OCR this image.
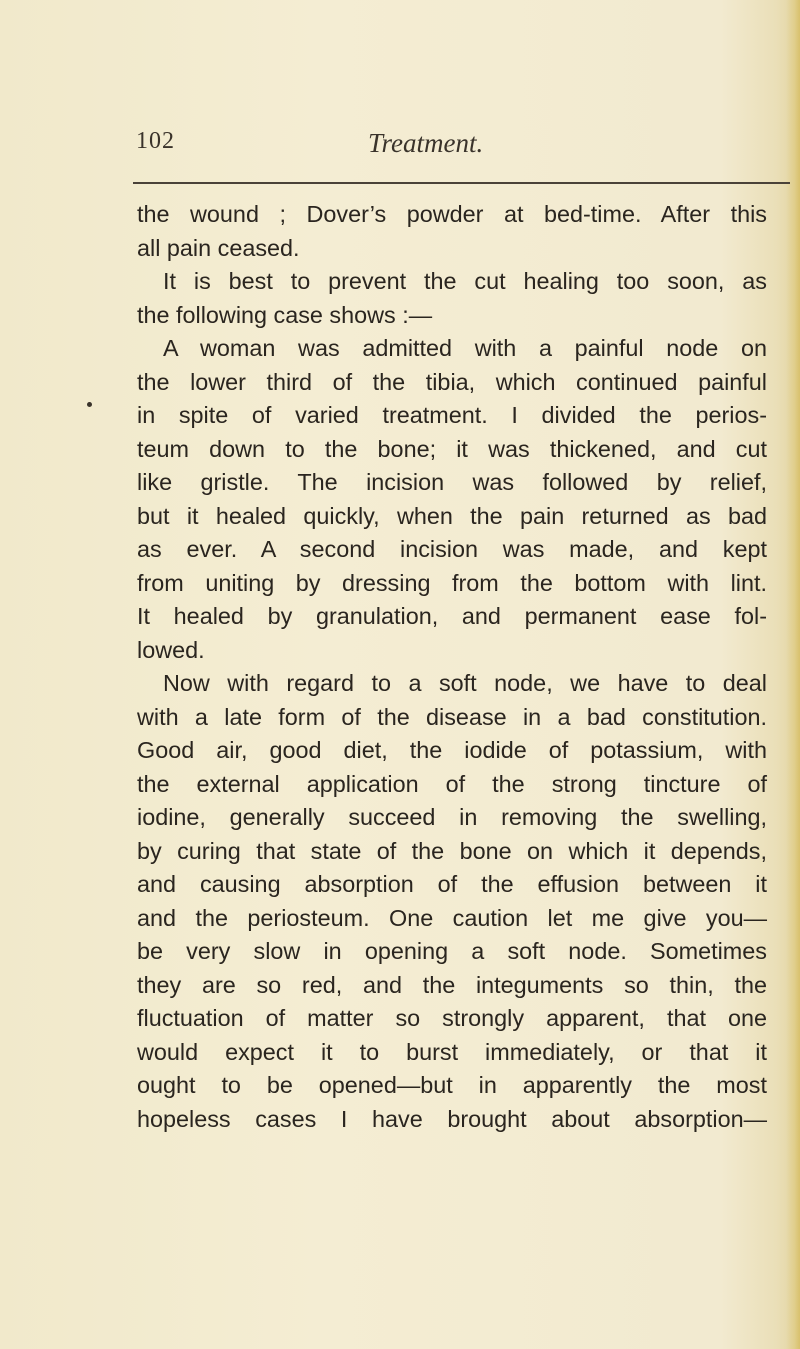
102	Treatment.
the wound ; Dover’s powder at bed-time. After this
all pain ceased.
It is best to prevent the cut healing too soon, as
the following case shows :—
A woman was admitted with a painful node on
the lower third of the tibia, which continued painful
in spite of varied treatment. I divided the perios-
teum down to the bone; it was thickened, and cut
like gristle. The incision was followed by relief,
but it healed quickly, when the pain returned as bad
as ever. A second incision was made, and kept
from uniting by dressing from the bottom with lint.
It healed by granulation, and permanent ease fol-
lowed.
Now with regard to a soft node, we have to deal
with a late form of the disease in a bad constitution.
Good air, good diet, the iodide of potassium, with
the external application of the strong tincture of
iodine, generally succeed in removing the swelling,
by curing that state of the bone on which it depends,
and causing absorption of the effusion between it
and the periosteum. One caution let me give you—
be very slow in opening a soft node. Sometimes
they are so red, and the integuments so thin, the
fluctuation of matter so strongly apparent, that one
would expect it to burst immediately, or that it
ought to be opened—but in apparently the most
hopeless cases I have brought about absorption—
